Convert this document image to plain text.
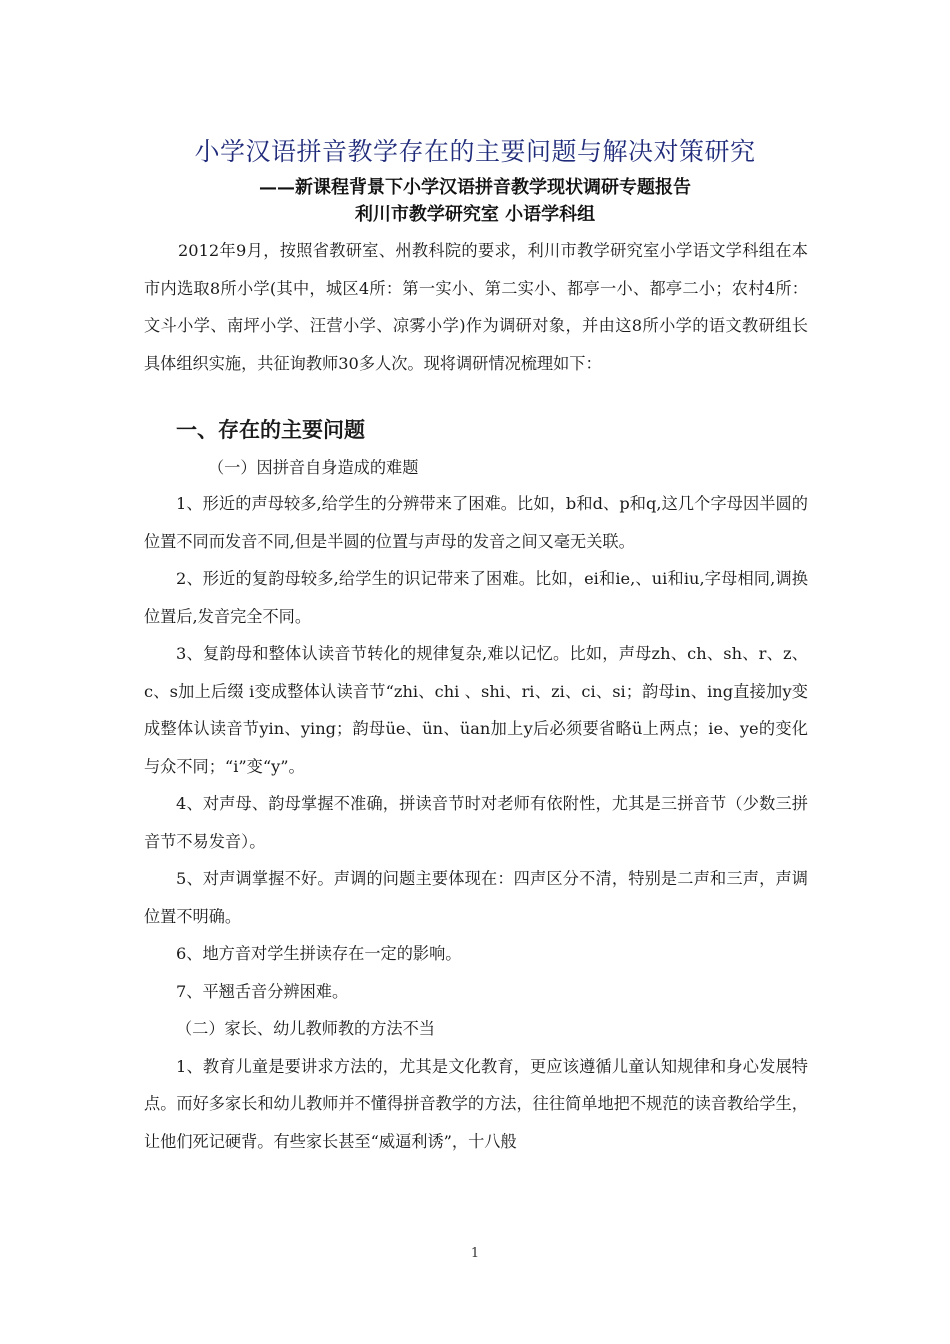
小学汉语拼音教学存在的主要问题与解决对策研究
——新课程背景下小学汉语拼音教学现状调研专题报告
利川市教学研究室 小语学科组
2012年9月，按照省教研室、州教科院的要求，利川市教学研究室小学语文学科组在本市内选取8所小学(其中，城区4所：第一实小、第二实小、都亭一小、都亭二小；农村4所：文斗小学、南坪小学、汪营小学、凉雾小学)作为调研对象，并由这8所小学的语文教研组长具体组织实施，共征询教师30多人次。现将调研情况梳理如下：
一、存在的主要问题
（一）因拼音自身造成的难题

1、形近的声母较多,给学生的分辨带来了困难。比如，b和d、p和q,这几个字母因半圆的位置不同而发音不同,但是半圆的位置与声母的发音之间又毫无关联。

2、形近的复韵母较多,给学生的识记带来了困难。比如，ei和ie,、ui和iu,字母相同,调换位置后,发音完全不同。

3、复韵母和整体认读音节转化的规律复杂,难以记忆。比如，声母zh、ch、sh、r、z、c、s加上后缀 i变成整体认读音节“zhi、chi 、shi、ri、zi、ci、si；韵母in、ing直接加y变成整体认读音节yin、ying；韵母üe、ün、üan加上y后必须要省略ü上两点；ie、ye的变化与众不同；“i”变“y”。

4、对声母、韵母掌握不准确，拼读音节时对老师有依附性，尤其是三拼音节（少数三拼音节不易发音）。

5、对声调掌握不好。声调的问题主要体现在：四声区分不清，特别是二声和三声，声调位置不明确。

6、地方音对学生拼读存在一定的影响。

7、平翘舌音分辨困难。

（二）家长、幼儿教师教的方法不当

1、教育儿童是要讲求方法的，尤其是文化教育，更应该遵循儿童认知规律和身心发展特点。而好多家长和幼儿教师并不懂得拼音教学的方法，往往简单地把不规范的读音教给学生，让他们死记硬背。有些家长甚至“威逼利诱”，十八般

1
